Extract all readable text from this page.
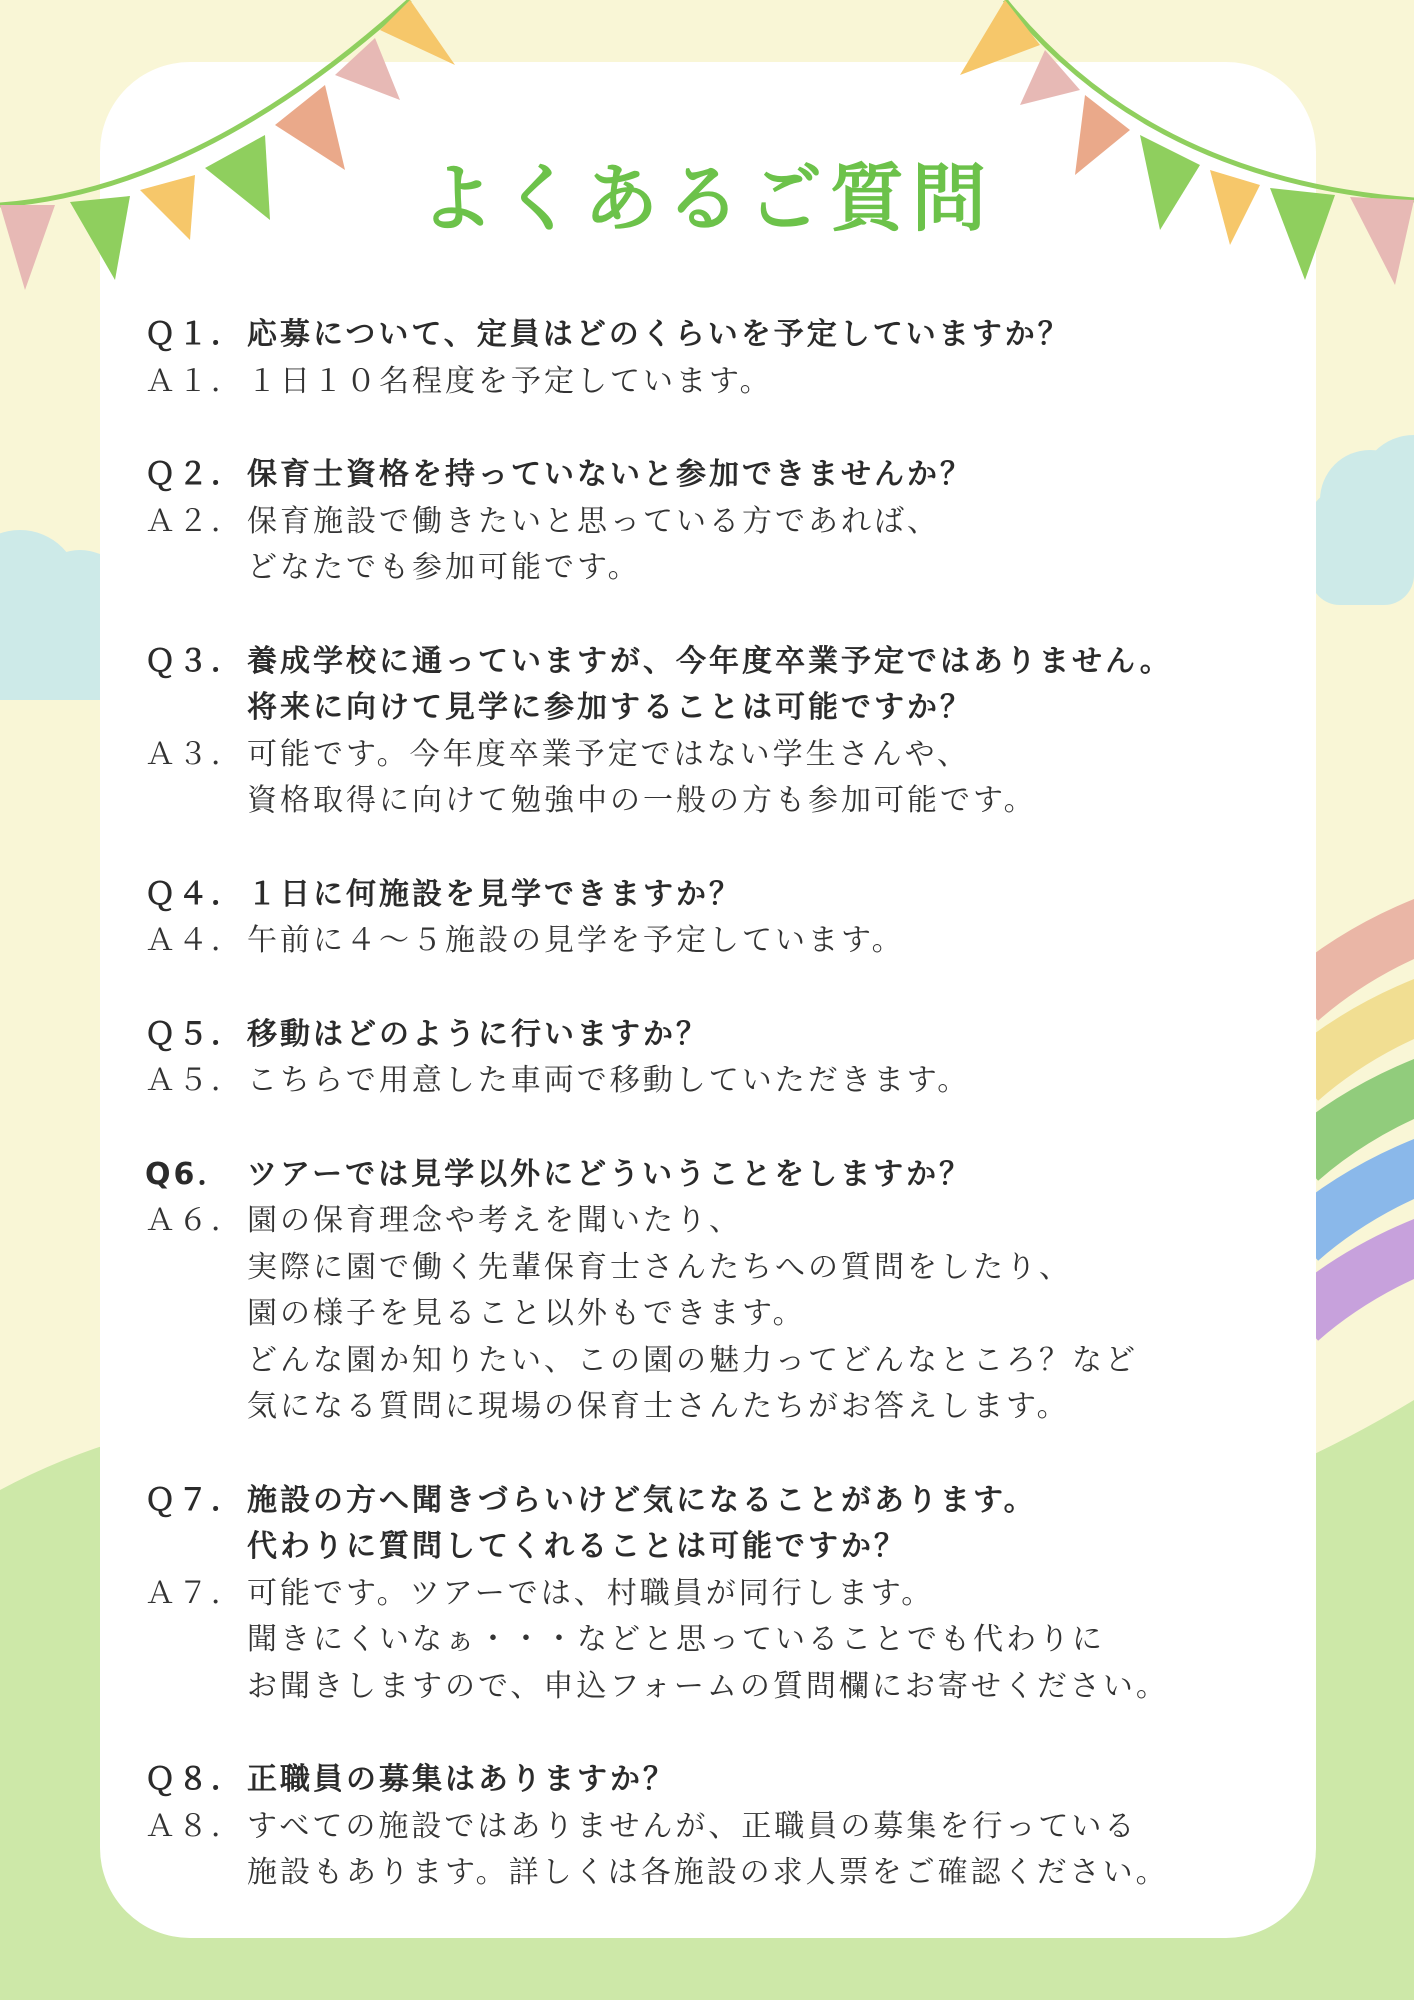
よくあるご質問
Ｑ１． 応募について、定員はどのくらいを予定していますか？
Ａ１． １日１０名程度を予定しています。
Ｑ２． 保育士資格を持っていないと参加できませんか？
Ａ２． 保育施設で働きたいと思っている方であれば、
どなたでも参加可能です。
Ｑ３． 養成学校に通っていますが、今年度卒業予定ではありません。
将来に向けて見学に参加することは可能ですか？
Ａ３． 可能です。今年度卒業予定ではない学生さんや、
資格取得に向けて勉強中の一般の方も参加可能です。
Ｑ４． １日に何施設を見学できますか？
Ａ４． 午前に４～５施設の見学を予定しています。
Ｑ５． 移動はどのように行いますか？
Ａ５． こちらで用意した車両で移動していただきます。
Q6． ツアーでは見学以外にどういうことをしますか？
Ａ６． 園の保育理念や考えを聞いたり、
実際に園で働く先輩保育士さんたちへの質問をしたり、
園の様子を見ること以外もできます。
どんな園か知りたい、この園の魅力ってどんなところ？など
気になる質問に現場の保育士さんたちがお答えします。
Ｑ７． 施設の方へ聞きづらいけど気になることがあります。
代わりに質問してくれることは可能ですか？
Ａ７． 可能です。ツアーでは、村職員が同行します。
聞きにくいなぁ・・・などと思っていることでも代わりに
お聞きしますので、申込フォームの質問欄にお寄せください。
Ｑ８． 正職員の募集はありますか？
Ａ８． すべての施設ではありませんが、正職員の募集を行っている
施設もあります。詳しくは各施設の求人票をご確認ください。
